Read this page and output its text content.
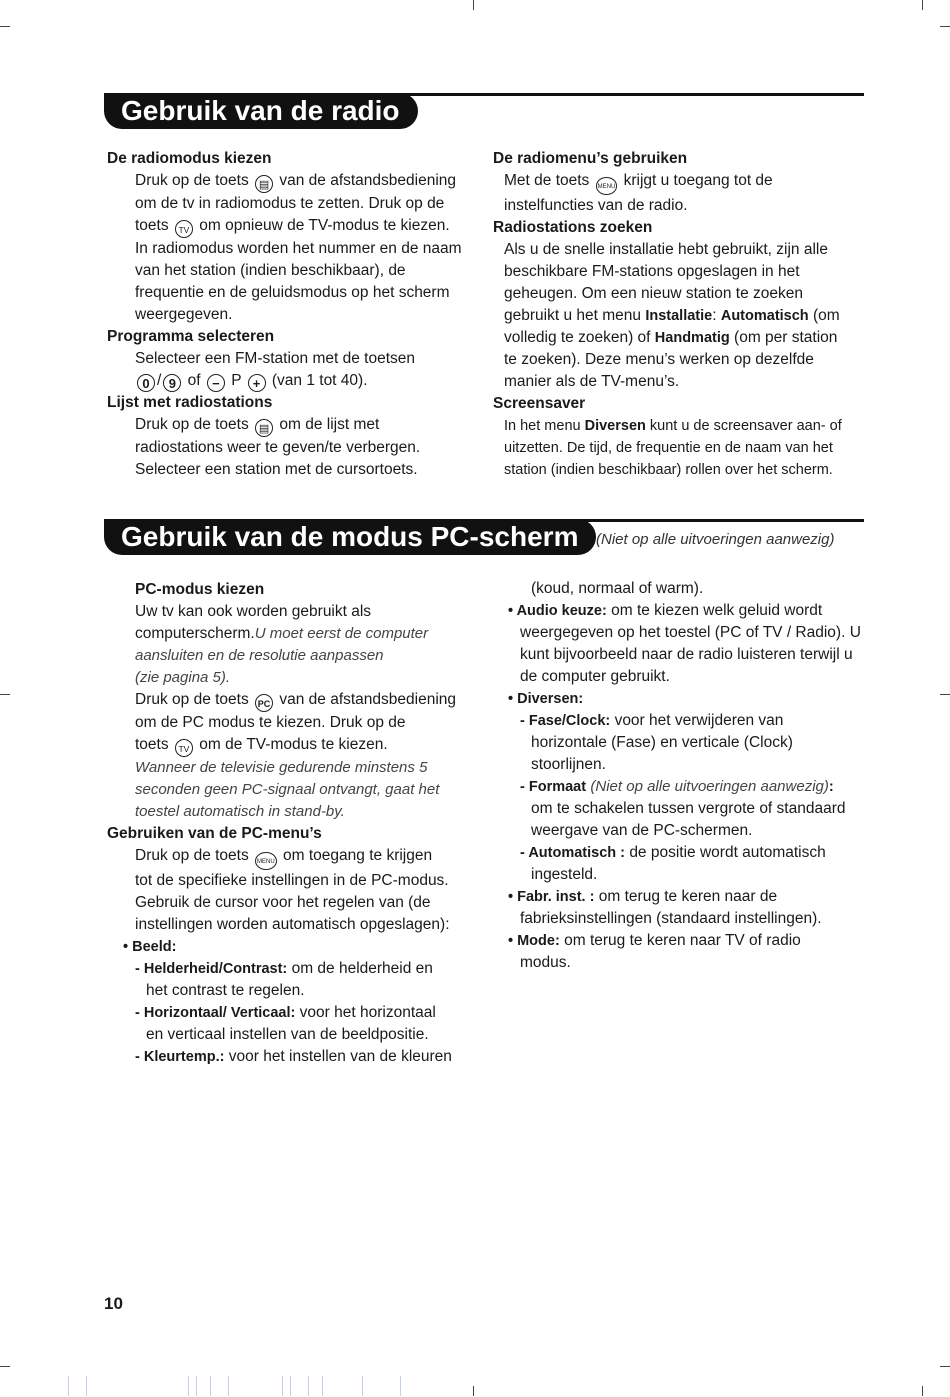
Gebruik van de radio

De radiomodus kiezen

Druk op de toets ▤ van de afstandsbediening

om de tv in radiomodus te zetten. Druk op de

toets TV om opnieuw de TV-modus te kiezen.

In radiomodus worden het nummer en de naam

van het station (indien beschikbaar), de

frequentie en de geluidsmodus op het scherm

weergegeven.

Programma selecteren

Selecteer een FM-station met de toetsen

0 / 9 of − P + (van 1 tot 40).

Lijst met radiostations

Druk op de toets ▤ om de lijst met

radiostations weer te geven/te verbergen.

Selecteer een station met de cursortoets.

De radiomenu’s gebruiken

Met de toets MENU krijgt u toegang tot de

instelfuncties van de radio.

Radiostations zoeken

Als u de snelle installatie hebt gebruikt, zijn alle

beschikbare FM-stations opgeslagen in het

geheugen. Om een nieuw station te zoeken

gebruikt u het menu Installatie: Automatisch (om

volledig te zoeken) of Handmatig (om per station

te zoeken). Deze menu’s werken op dezelfde

manier als de TV-menu’s.

Screensaver

In het menu Diversen kunt u de screensaver aan- of

uitzetten. De tijd, de frequentie en de naam van het

station (indien beschikbaar) rollen over het scherm.

Gebruik van de modus PC-scherm	(Niet op alle uitvoeringen aanwezig)

PC-modus kiezen

Uw tv kan ook worden gebruikt als

computerscherm.U moet eerst de computer

aansluiten en de resolutie aanpassen

(zie pagina 5).

Druk op de toets PC van de afstandsbediening

om de PC modus te kiezen. Druk op de

toets TV om de TV-modus te kiezen.

Wanneer de televisie gedurende minstens 5

seconden geen PC-signaal ontvangt, gaat het

toestel automatisch in stand-by.

Gebruiken van de PC-menu’s

Druk op de toets MENU om toegang te krijgen

tot de specifieke instellingen in de PC-modus.

Gebruik de cursor voor het regelen van (de

instellingen worden automatisch opgeslagen):

• Beeld:

- Helderheid/Contrast: om de helderheid en

het contrast te regelen.

- Horizontaal/ Verticaal: voor het horizontaal

en verticaal instellen van de beeldpositie.

- Kleurtemp.: voor het instellen van de kleuren

(koud, normaal of warm).

• Audio keuze: om te kiezen welk geluid wordt

weergegeven op het toestel (PC of TV / Radio). U

kunt bijvoorbeeld naar de radio luisteren terwijl u

de computer gebruikt.

• Diversen:

- Fase/Clock: voor het verwijderen van

horizontale (Fase) en verticale (Clock)

stoorlijnen.

- Formaat (Niet op alle uitvoeringen aanwezig):

om te schakelen tussen vergrote of standaard

weergave van de PC-schermen.

- Automatisch : de positie wordt automatisch

ingesteld.

• Fabr. inst. : om terug te keren naar de

fabrieksinstellingen (standaard instellingen).

• Mode: om terug te keren naar TV of radio

modus.

10
